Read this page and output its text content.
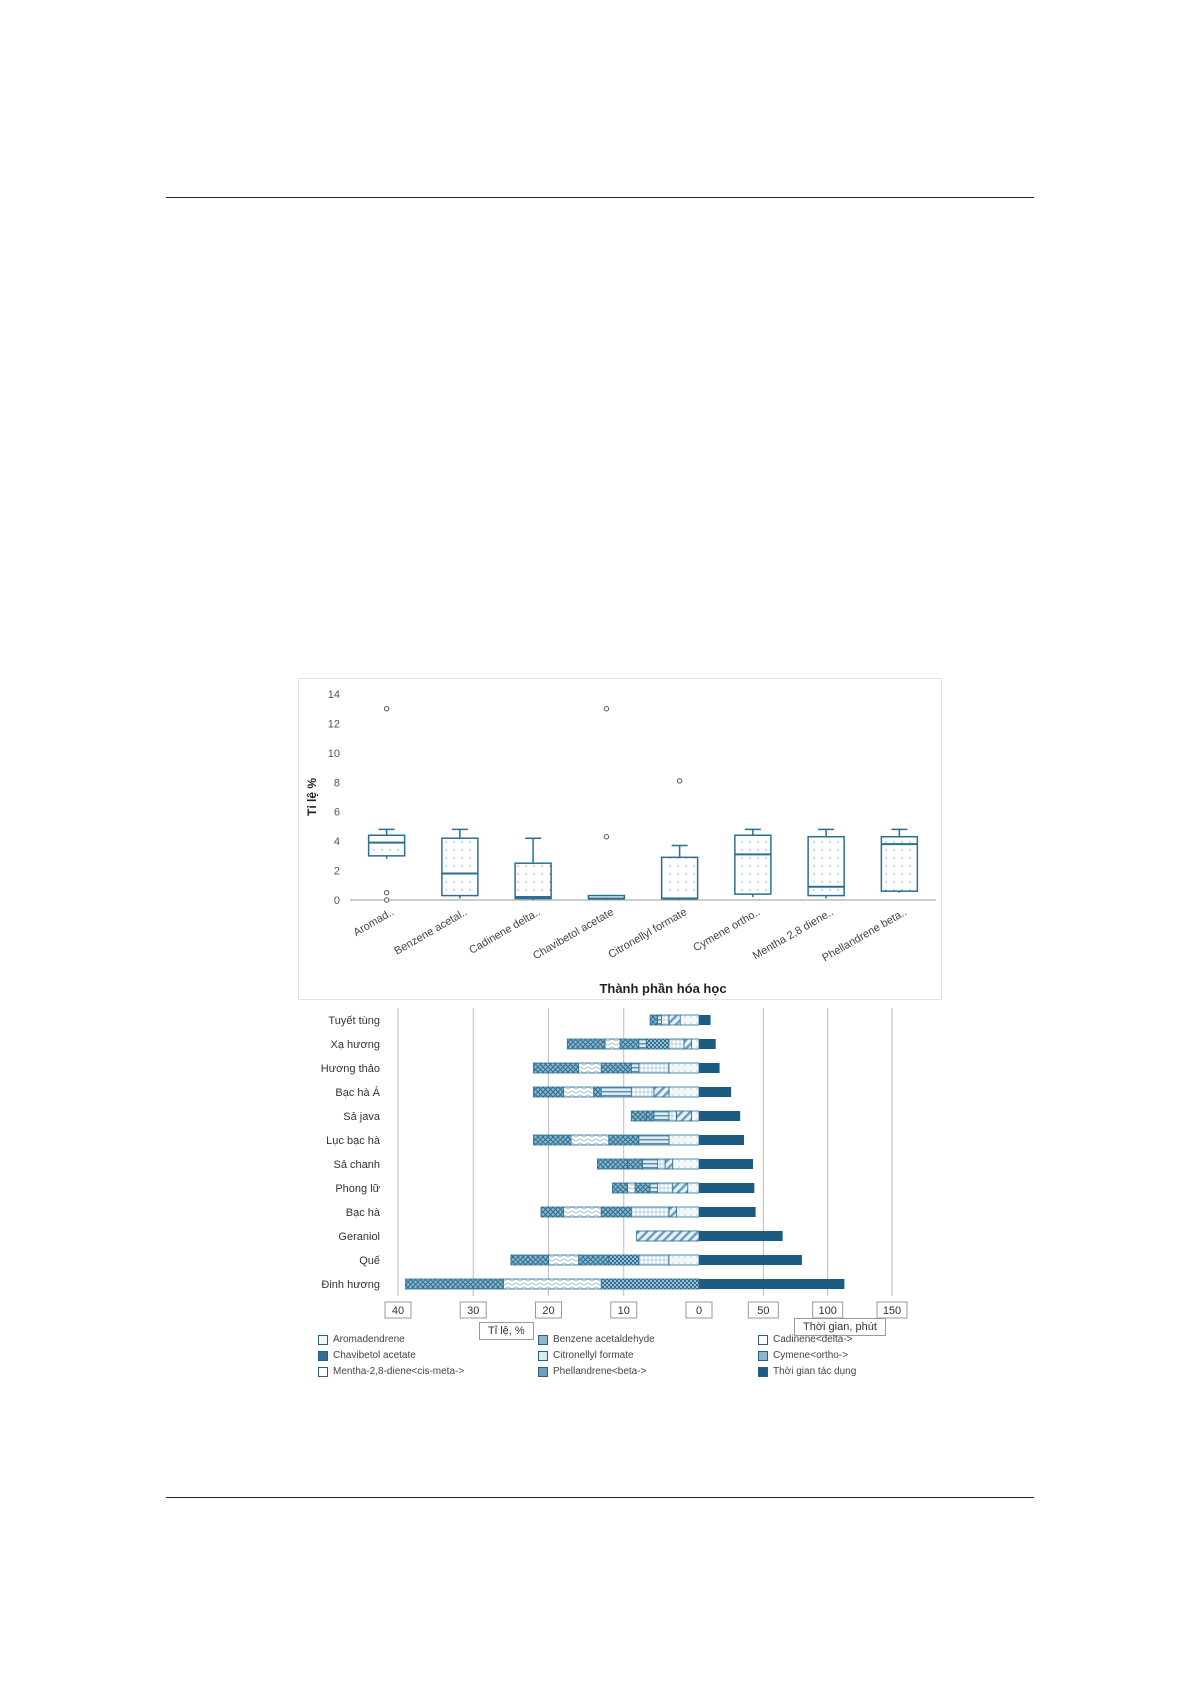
0
2
4
6
8
10
12
14
Tỉ lệ %
Aromad..
Benzene acetal..
Cadinene delta..
Chavibetol acetate
Citronellyl formate Cymene ortho..
Mentha 2,8 diene..
Phellandrene beta..
Thành phần hóa học
Tuyết tùng
Xạ hương
Hương thảo
Bạc hà Á
Sả java
Lục bạc hà
Sả chanh
Phong lữ
Bạc hà
Geraniol
Quế
Đinh hương
40	30	20	10	0	50	100	150
Tỉ lệ, %	Thời gian, phút
Aromadendrene	Benzene acetaldehyde	Cadinene<delta->
Chavibetol acetate	Citronellyl formate	Cymene<ortho->
Mentha-2,8-diene<cis-meta->	Phellandrene<beta->	Thời gian tác dụng
